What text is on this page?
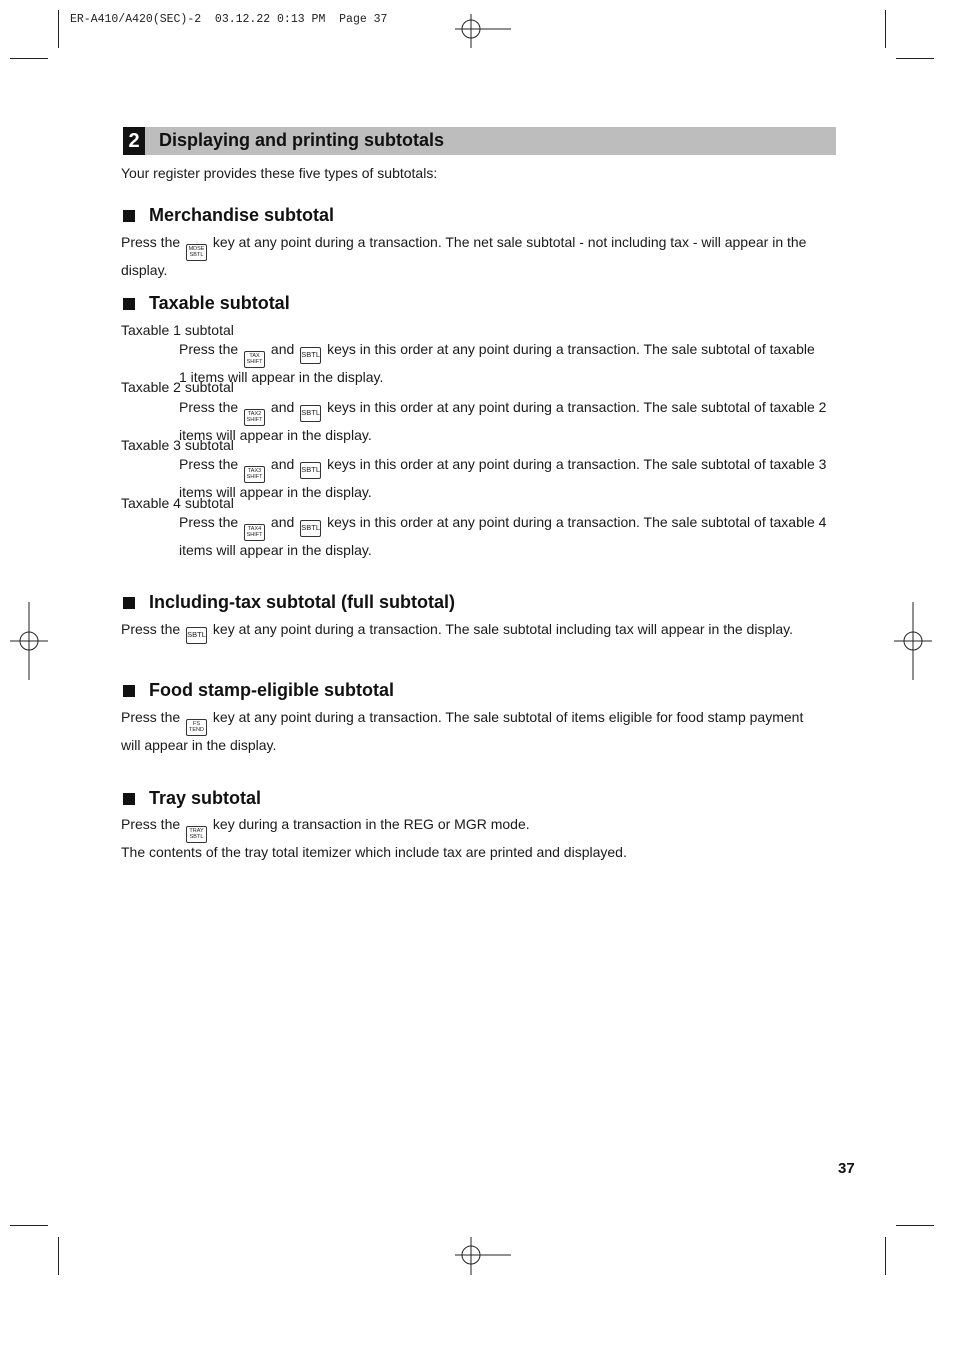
ER-A410/A420(SEC)-2  03.12.22 0:13 PM  Page 37
2	Displaying and printing subtotals
Your register provides these five types of subtotals:
Merchandise subtotal
Press the MDSE
SBTL
key at any point during a transaction. The net sale subtotal - not including tax - will appear in the
display.
Taxable subtotal
Taxable 1 subtotal
Press the TAX
SHIFT
and SBTL keys in this order at any point during a transaction. The sale subtotal of taxable
1 items will appear in the display.
Taxable 2 subtotal
Press the TAX2
SHIFT
and SBTL keys in this order at any point during a transaction. The sale subtotal of taxable 2
items will appear in the display.
Taxable 3 subtotal
Press the TAX3
SHIFT
and SBTL keys in this order at any point during a transaction. The sale subtotal of taxable 3
items will appear in the display.
Taxable 4 subtotal
Press the TAX4
SHIFT
and SBTL keys in this order at any point during a transaction. The sale subtotal of taxable 4
items will appear in the display.
Including-tax subtotal (full subtotal)
Press the SBTL key at any point during a transaction. The sale subtotal including tax will appear in the display.
Food stamp-eligible subtotal
Press the FS
TEND
key at any point during a transaction. The sale subtotal of items eligible for food stamp payment
will appear in the display.
Tray subtotal
Press the TRAY
SBTL
key during a transaction in the REG or MGR mode.
The contents of the tray total itemizer which include tax are printed and displayed.
37
